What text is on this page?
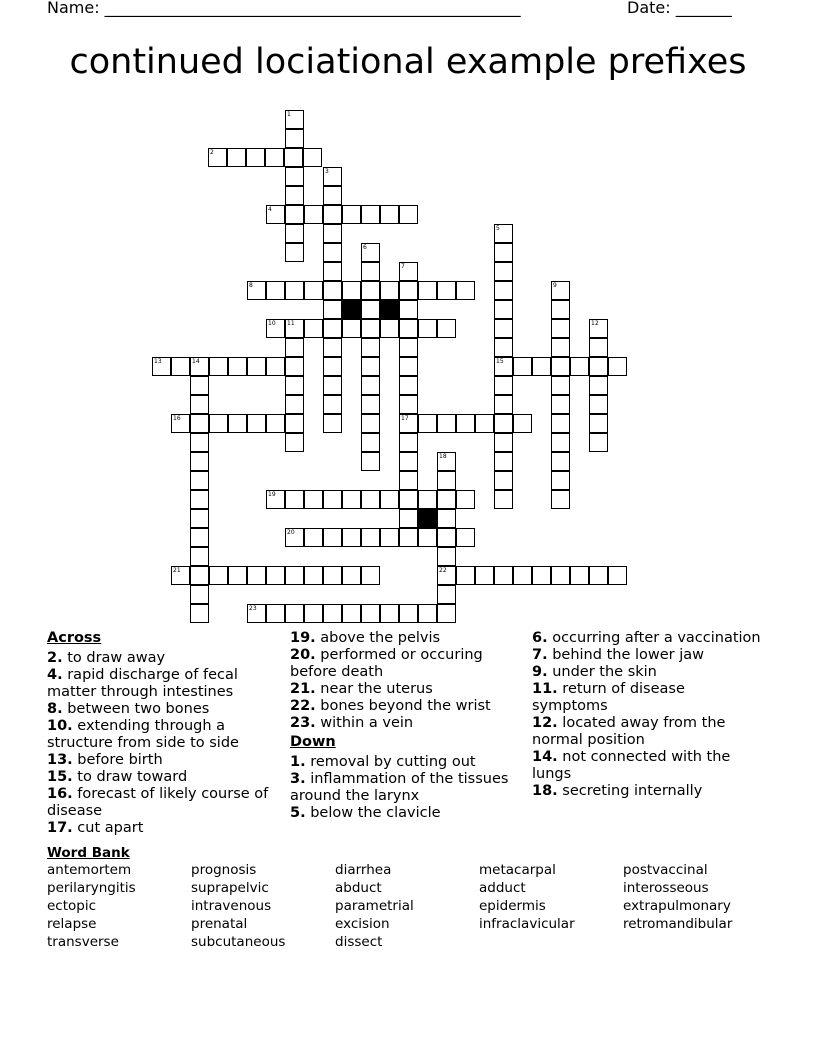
Name: ____________________________________________________	Date: _______
continued lociational example prefixes
1
2
3
4
5
15
6
7
17
8	9
10 11	12
13	14
16
18
22
19
20
21
23
Across
2. to draw away
4. rapid discharge of fecal matter through intestines
8. between two bones
10. extending through a structure from side to side
13. before birth
15. to draw toward
16. forecast of likely course of disease
17. cut apart
19. above the pelvis
20. performed or occuring before death
21. near the uterus
22. bones beyond the wrist
23. within a vein
Down
1. removal by cutting out
3. inflammation of the tissues around the larynx
5. below the clavicle
6. occurring after a vaccination
7. behind the lower jaw
9. under the skin
11. return of disease symptoms
12. located away from the normal position
14. not connected with the lungs
18. secreting internally
Word Bank
antemortem	prognosis	diarrhea	metacarpal	postvaccinal
perilaryngitis	suprapelvic	abduct	adduct	interosseous
ectopic	intravenous	parametrial	epidermis	extrapulmonary
relapse	prenatal	excision	infraclavicular	retromandibular
transverse	subcutaneous	dissect
